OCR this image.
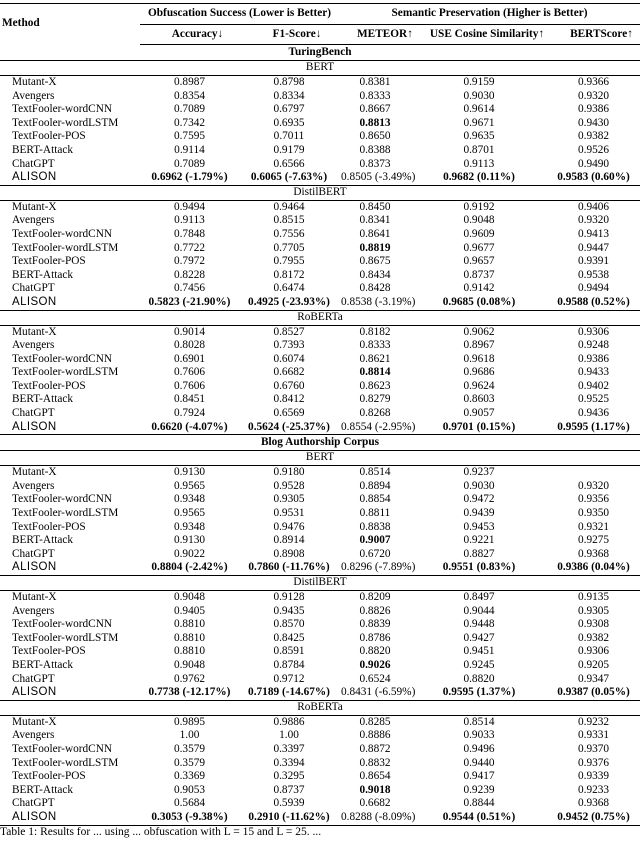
Method	Obfuscation Success (Lower is Better)		Semantic Preservation (Higher is Better)		
	Accuracy↓	F1-Score↓	METEOR↑	USE Cosine Similarity↑	BERTScore↑
TuringBench					
BERT					
Mutant-X	0.8987	0.8798	0.8381	0.9159	0.9366
Avengers	0.8354	0.8334	0.8333	0.9030	0.9320
TextFooler-wordCNN	0.7089	0.6797	0.8667	0.9614	0.9386
TextFooler-wordLSTM	0.7342	0.6935	0.8813	0.9671	0.9430
TextFooler-POS	0.7595	0.7011	0.8650	0.9635	0.9382
BERT-Attack	0.9114	0.9179	0.8388	0.8701	0.9526
ChatGPT	0.7089	0.6566	0.8373	0.9113	0.9490
ALISON	0.6962 (-1.79%)	0.6065 (-7.63%)	0.8505 (-3.49%)	0.9682 (0.11%)	0.9583 (0.60%)
DistilBERT					
Mutant-X	0.9494	0.9464	0.8450	0.9192	0.9406
Avengers	0.9113	0.8515	0.8341	0.9048	0.9320
TextFooler-wordCNN	0.7848	0.7556	0.8641	0.9609	0.9413
TextFooler-wordLSTM	0.7722	0.7705	0.8819	0.9677	0.9447
TextFooler-POS	0.7972	0.7955	0.8675	0.9657	0.9391
BERT-Attack	0.8228	0.8172	0.8434	0.8737	0.9538
ChatGPT	0.7456	0.6474	0.8428	0.9142	0.9494
ALISON	0.5823 (-21.90%)	0.4925 (-23.93%)	0.8538 (-3.19%)	0.9685 (0.08%)	0.9588 (0.52%)
RoBERTa					
Mutant-X	0.9014	0.8527	0.8182	0.9062	0.9306
Avengers	0.8028	0.7393	0.8333	0.8967	0.9248
TextFooler-wordCNN	0.6901	0.6074	0.8621	0.9618	0.9386
TextFooler-wordLSTM	0.7606	0.6682	0.8814	0.9686	0.9433
TextFooler-POS	0.7606	0.6760	0.8623	0.9624	0.9402
BERT-Attack	0.8451	0.8412	0.8279	0.8603	0.9525
ChatGPT	0.7924	0.6569	0.8268	0.9057	0.9436
ALISON	0.6620 (-4.07%)	0.5624 (-25.37%)	0.8554 (-2.95%)	0.9701 (0.15%)	0.9595 (1.17%)
Blog Authorship Corpus					
BERT					
Mutant-X	0.9130	0.9180	0.8514	0.9237	
Avengers	0.9565	0.9528	0.8894	0.9030	0.9320
TextFooler-wordCNN	0.9348	0.9305	0.8854	0.9472	0.9356
TextFooler-wordLSTM	0.9565	0.9531	0.8811	0.9439	0.9350
TextFooler-POS	0.9348	0.9476	0.8838	0.9453	0.9321
BERT-Attack	0.9130	0.8914	0.9007	0.9221	0.9275
ChatGPT	0.9022	0.8908	0.6720	0.8827	0.9368
ALISON	0.8804 (-2.42%)	0.7860 (-11.76%)	0.8296 (-7.89%)	0.9551 (0.83%)	0.9386 (0.04%)
DistilBERT					
Mutant-X	0.9048	0.9128	0.8209	0.8497	0.9135
Avengers	0.9405	0.9435	0.8826	0.9044	0.9305
TextFooler-wordCNN	0.8810	0.8570	0.8839	0.9448	0.9308
TextFooler-wordLSTM	0.8810	0.8425	0.8786	0.9427	0.9382
TextFooler-POS	0.8810	0.8591	0.8820	0.9451	0.9306
BERT-Attack	0.9048	0.8784	0.9026	0.9245	0.9205
ChatGPT	0.9762	0.9712	0.6524	0.8820	0.9347
ALISON	0.7738 (-12.17%)	0.7189 (-14.67%)	0.8431 (-6.59%)	0.9595 (1.37%)	0.9387 (0.05%)
RoBERTa					
Mutant-X	0.9895	0.9886	0.8285	0.8514	0.9232
Avengers	1.00	1.00	0.8886	0.9033	0.9331
TextFooler-wordCNN	0.3579	0.3397	0.8872	0.9496	0.9370
TextFooler-wordLSTM	0.3579	0.3394	0.8832	0.9440	0.9376
TextFooler-POS	0.3369	0.3295	0.8654	0.9417	0.9339
BERT-Attack	0.9053	0.8737	0.9018	0.9239	0.9233
ChatGPT	0.5684	0.5939	0.6682	0.8844	0.9368
ALISON	0.3053 (-9.38%)	0.2910 (-11.62%)	0.8288 (-8.09%)	0.9544 (0.51%)	0.9452 (0.75%)
Table 1: Results for ... using ... obfuscation with L = 15 and L = 25. ...
